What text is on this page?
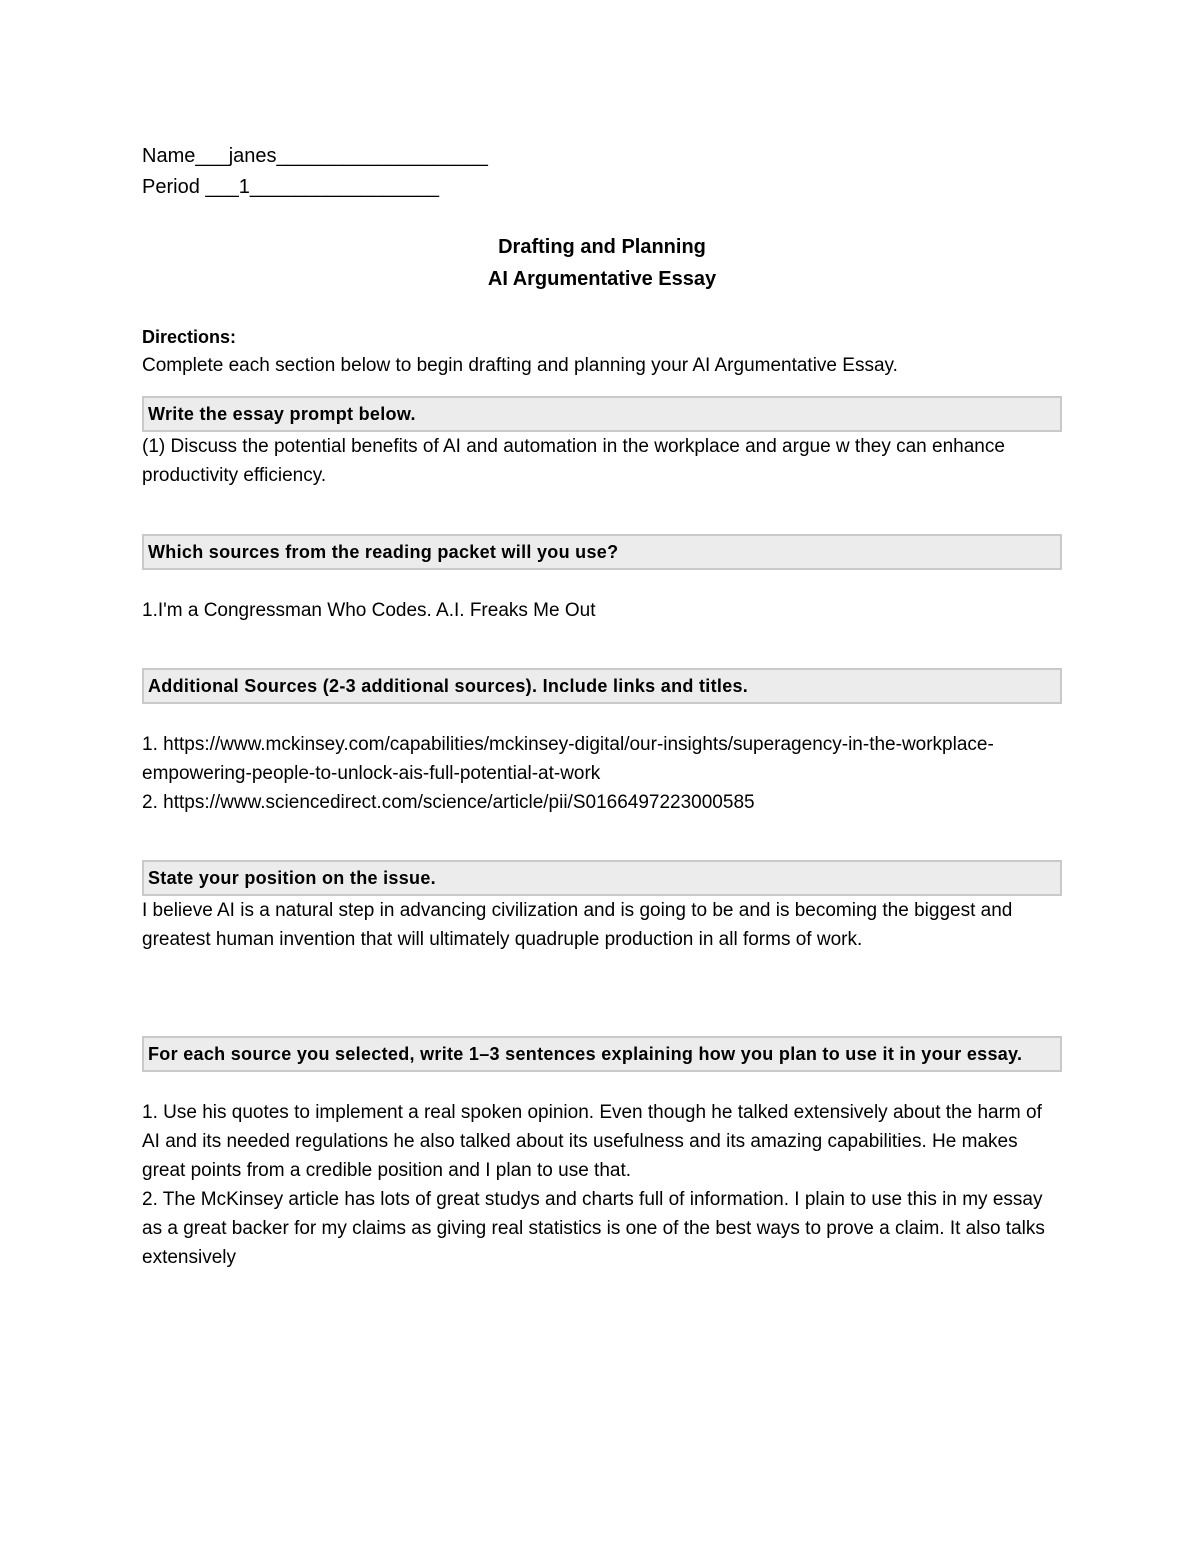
Name___janes___________________
Period ___1_________________
Drafting and Planning
AI Argumentative Essay
Directions:
Complete each section below to begin drafting and planning your AI Argumentative Essay.
Write the essay prompt below.
(1) Discuss the potential benefits of AI and automation in the workplace and argue w they can enhance productivity efficiency.
Which sources from the reading packet will you use?
1.I'm a Congressman Who Codes. A.I. Freaks Me Out
Additional Sources (2-3 additional sources). Include links and titles.

1. https://www.mckinsey.com/capabilities/mckinsey-digital/our-insights/superagency-in-the-workplace-empowering-people-to-unlock-ais-full-potential-at-work

2. https://www.sciencedirect.com/science/article/pii/S0166497223000585

State your position on the issue.
I believe AI is a natural step in advancing civilization and is going to be and is becoming the biggest and greatest human invention that will ultimately quadruple production in all forms of work.
For each source you selected, write 1–3 sentences explaining how you plan to use it in your essay.

1. Use his quotes to implement a real spoken opinion. Even though he talked extensively about the harm of AI and its needed regulations he also talked about its usefulness and its amazing capabilities. He makes great points from a credible position and I plan to use that.

2. The McKinsey article has lots of great studys and charts full of information. I plain to use this in my essay as a great backer for my claims as giving real statistics is one of the best ways to prove a claim. It also talks extensively
